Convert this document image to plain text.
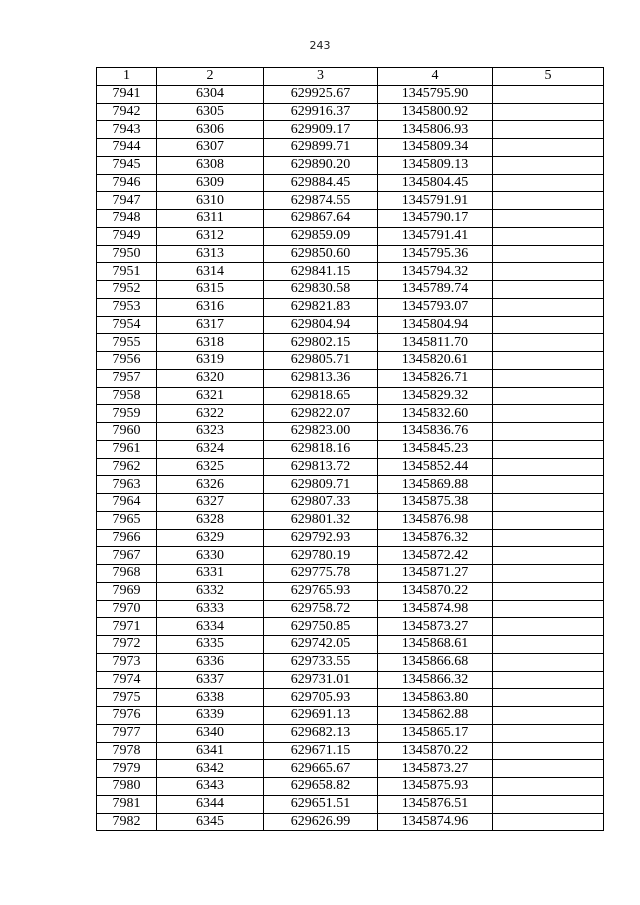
243
1	2	3	4	5
7941	6304	629925.67	1345795.90	
7942	6305	629916.37	1345800.92	
7943	6306	629909.17	1345806.93	
7944	6307	629899.71	1345809.34	
7945	6308	629890.20	1345809.13	
7946	6309	629884.45	1345804.45	
7947	6310	629874.55	1345791.91	
7948	6311	629867.64	1345790.17	
7949	6312	629859.09	1345791.41	
7950	6313	629850.60	1345795.36	
7951	6314	629841.15	1345794.32	
7952	6315	629830.58	1345789.74	
7953	6316	629821.83	1345793.07	
7954	6317	629804.94	1345804.94	
7955	6318	629802.15	1345811.70	
7956	6319	629805.71	1345820.61	
7957	6320	629813.36	1345826.71	
7958	6321	629818.65	1345829.32	
7959	6322	629822.07	1345832.60	
7960	6323	629823.00	1345836.76	
7961	6324	629818.16	1345845.23	
7962	6325	629813.72	1345852.44	
7963	6326	629809.71	1345869.88	
7964	6327	629807.33	1345875.38	
7965	6328	629801.32	1345876.98	
7966	6329	629792.93	1345876.32	
7967	6330	629780.19	1345872.42	
7968	6331	629775.78	1345871.27	
7969	6332	629765.93	1345870.22	
7970	6333	629758.72	1345874.98	
7971	6334	629750.85	1345873.27	
7972	6335	629742.05	1345868.61	
7973	6336	629733.55	1345866.68	
7974	6337	629731.01	1345866.32	
7975	6338	629705.93	1345863.80	
7976	6339	629691.13	1345862.88	
7977	6340	629682.13	1345865.17	
7978	6341	629671.15	1345870.22	
7979	6342	629665.67	1345873.27	
7980	6343	629658.82	1345875.93	
7981	6344	629651.51	1345876.51	
7982	6345	629626.99	1345874.96	
